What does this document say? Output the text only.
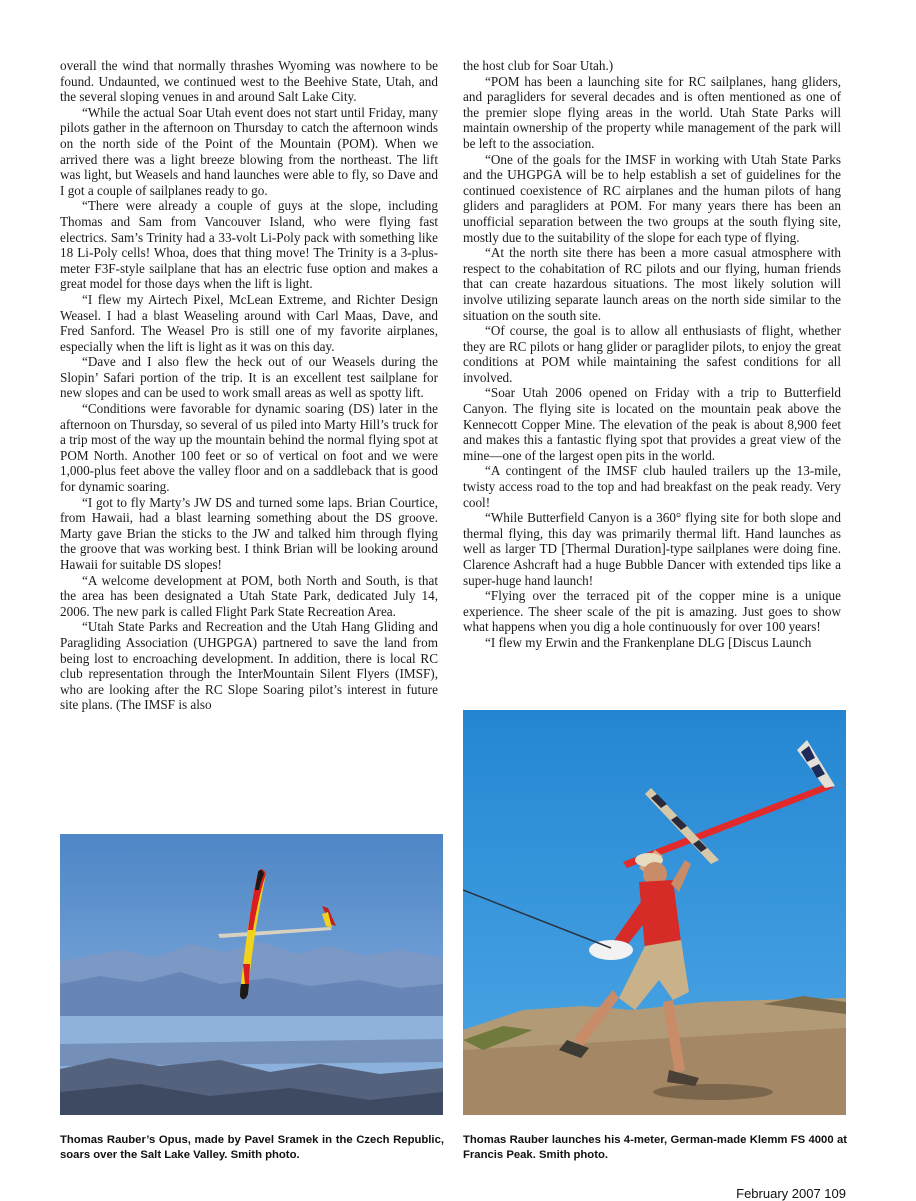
overall the wind that normally thrashes Wyoming was nowhere to be found. Undaunted, we continued west to the Beehive State, Utah, and the several sloping venues in and around Salt Lake City.

“While the actual Soar Utah event does not start until Friday, many pilots gather in the afternoon on Thursday to catch the afternoon winds on the north side of the Point of the Mountain (POM). When we arrived there was a light breeze blowing from the northeast. The lift was light, but Weasels and hand launches were able to fly, so Dave and I got a couple of sailplanes ready to go.

“There were already a couple of guys at the slope, including Thomas and Sam from Vancouver Island, who were flying fast electrics. Sam’s Trinity had a 33-volt Li-Poly pack with something like 18 Li-Poly cells! Whoa, does that thing move! The Trinity is a 3-plus-meter F3F-style sailplane that has an electric fuse option and makes a great model for those days when the lift is light.

“I flew my Airtech Pixel, McLean Extreme, and Richter Design Weasel. I had a blast Weaseling around with Carl Maas, Dave, and Fred Sanford. The Weasel Pro is still one of my favorite airplanes, especially when the lift is light as it was on this day.

“Dave and I also flew the heck out of our Weasels during the Slopin’ Safari portion of the trip. It is an excellent test sailplane for new slopes and can be used to work small areas as well as spotty lift.

“Conditions were favorable for dynamic soaring (DS) later in the afternoon on Thursday, so several of us piled into Marty Hill’s truck for a trip most of the way up the mountain behind the normal flying spot at POM North. Another 100 feet or so of vertical on foot and we were 1,000-plus feet above the valley floor and on a saddleback that is good for dynamic soaring.

“I got to fly Marty’s JW DS and turned some laps. Brian Courtice, from Hawaii, had a blast learning something about the DS groove. Marty gave Brian the sticks to the JW and talked him through flying the groove that was working best. I think Brian will be looking around Hawaii for suitable DS slopes!

“A welcome development at POM, both North and South, is that the area has been designated a Utah State Park, dedicated July 14, 2006. The new park is called Flight Park State Recreation Area.

“Utah State Parks and Recreation and the Utah Hang Gliding and Paragliding Association (UHGPGA) partnered to save the land from being lost to encroaching development. In addition, there is local RC club representation through the InterMountain Silent Flyers (IMSF), who are looking after the RC Slope Soaring pilot’s interest in future site plans. (The IMSF is also

the host club for Soar Utah.)

“POM has been a launching site for RC sailplanes, hang gliders, and paragliders for several decades and is often mentioned as one of the premier slope flying areas in the world. Utah State Parks will maintain ownership of the property while management of the park will be left to the association.

“One of the goals for the IMSF in working with Utah State Parks and the UHGPGA will be to help establish a set of guidelines for the continued coexistence of RC airplanes and the human pilots of hang gliders and paragliders at POM. For many years there has been an unofficial separation between the two groups at the south flying site, mostly due to the suitability of the slope for each type of flying.

“At the north site there has been a more casual atmosphere with respect to the cohabitation of RC pilots and our flying, human friends that can create hazardous situations. The most likely solution will involve utilizing separate launch areas on the north side similar to the situation on the south site.

“Of course, the goal is to allow all enthusiasts of flight, whether they are RC pilots or hang glider or paraglider pilots, to enjoy the great conditions at POM while maintaining the safest conditions for all involved.

“Soar Utah 2006 opened on Friday with a trip to Butterfield Canyon. The flying site is located on the mountain peak above the Kennecott Copper Mine. The elevation of the peak is about 8,900 feet and makes this a fantastic flying spot that provides a great view of the mine—one of the largest open pits in the world.

“A contingent of the IMSF club hauled trailers up the 13-mile, twisty access road to the top and had breakfast on the peak ready. Very cool!

“While Butterfield Canyon is a 360° flying site for both slope and thermal flying, this day was primarily thermal lift. Hand launches as well as larger TD [Thermal Duration]-type sailplanes were doing fine. Clarence Ashcraft had a huge Bubble Dancer with extended tips like a super-huge hand launch!

“Flying over the terraced pit of the copper mine is a unique experience. The sheer scale of the pit is amazing. Just goes to show what happens when you dig a hole continuously for over 100 years!

“I flew my Erwin and the Frankenplane DLG [Discus Launch

Thomas Rauber’s Opus, made by Pavel Sramek in the Czech Republic, soars over the Salt Lake Valley. Smith photo.
Thomas Rauber launches his 4-meter, German-made Klemm FS 4000 at Francis Peak. Smith photo.
February 2007 109
